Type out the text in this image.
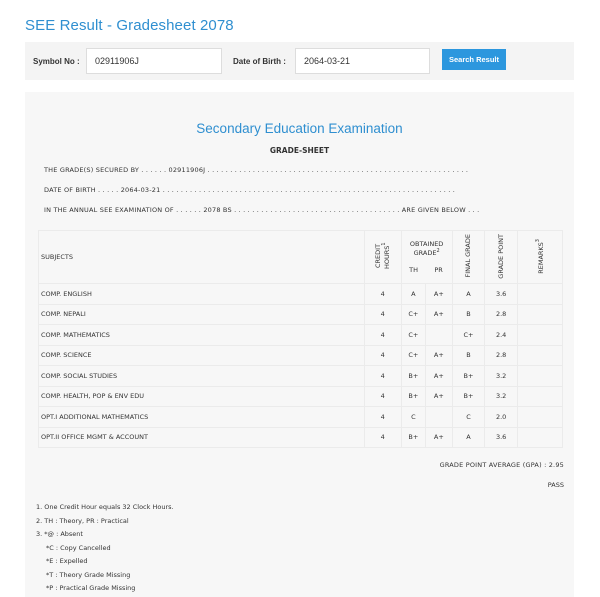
SEE Result - Gradesheet 2078
Symbol No :
02911906J	Date of Birth :
2064-03-21	Search Result
Secondary Education Examination
GRADE-SHEET
THE GRADE(S) SECURED BY . . . . . . 02911906J . . . . . . . . . . . . . . . . . . . . . . . . . . . . . . . . . . . . . . . . . . . . . . . . . . . . . . . . . .
DATE OF BIRTH . . . . . 2064-03-21 . . . . . . . . . . . . . . . . . . . . . . . . . . . . . . . . . . . . . . . . . . . . . . . . . . . . . . . . . . . . . . . . .
IN THE ANNUAL SEE EXAMINATION OF . . . . . . 2078 BS . . . . . . . . . . . . . . . . . . . . . . . . . . . . . . . . . . . . . ARE GIVEN BELOW . . .
SUBJECTS	CREDIT HOURS$^1$	OBTAINED GRADE$^2$		FINAL GRADE	GRADE POINT	REMARKS$^3$
		TH	PR			
COMP. ENGLISH	4	A	A+	A	3.6	
COMP. NEPALI	4	C+	A+	B	2.8	
COMP. MATHEMATICS	4	C+		C+	2.4	
COMP. SCIENCE	4	C+	A+	B	2.8	
COMP. SOCIAL STUDIES	4	B+	A+	B+	3.2	
COMP. HEALTH, POP & ENV EDU	4	B+	A+	B+	3.2	
OPT.I ADDITIONAL MATHEMATICS	4	C		C	2.0	
OPT.II OFFICE MGMT & ACCOUNT	4	B+	A+	A	3.6	
GRADE POINT AVERAGE (GPA) : 2.95
PASS
1. One Credit Hour equals 32 Clock Hours.
2. TH : Theory, PR : Practical
3. *@ : Absent
*C : Copy Cancelled
*E : Expelled
*T : Theory Grade Missing
*P : Practical Grade Missing
